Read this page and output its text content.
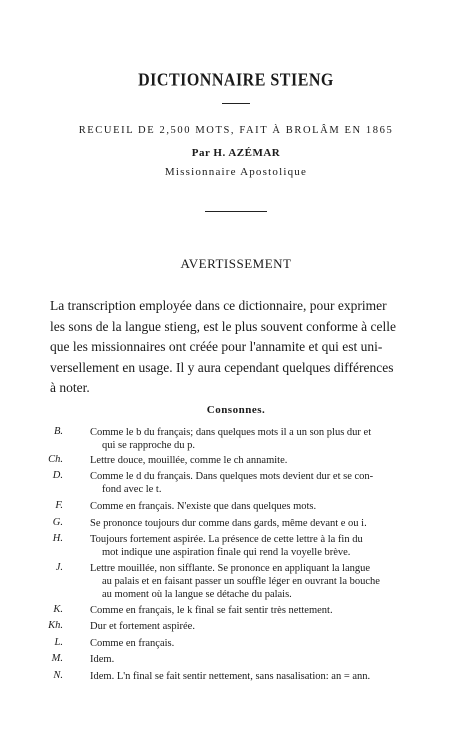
DICTIONNAIRE STIENG
RECUEIL DE 2,500 MOTS, FAIT À BROLÂM EN 1865
Par H. AZÉMAR
Missionnaire Apostolique
AVERTISSEMENT
La transcription employée dans ce dictionnaire, pour exprimer
les sons de la langue stieng, est le plus souvent conforme à celle
que les missionnaires ont créée pour l'annamite et qui est uni-
versellement en usage. Il y aura cependant quelques différences
à noter.
Consonnes.
B.	Comme le b du français; dans quelques mots il a un son plus dur et
qui se rapproche du p.
Ch.	Lettre douce, mouillée, comme le ch annamite.
D.	Comme le d du français. Dans quelques mots devient dur et se con-
fond avec le t.
F.	Comme en français. N'existe que dans quelques mots.
G.	Se prononce toujours dur comme dans gards, même devant e ou i.
H.	Toujours fortement aspirée. La présence de cette lettre à la fin du
mot indique une aspiration finale qui rend la voyelle brève.
J.	Lettre mouillée, non sifflante. Se prononce en appliquant la langue
au palais et en faisant passer un souffle léger en ouvrant la bouche
au moment où la langue se détache du palais.
K.	Comme en français, le k final se fait sentir très nettement.
Kh.	Dur et fortement aspirée.
L.	Comme en français.
M.	Idem.
N.	Idem. L'n final se fait sentir nettement, sans nasalisation: an = ann.
